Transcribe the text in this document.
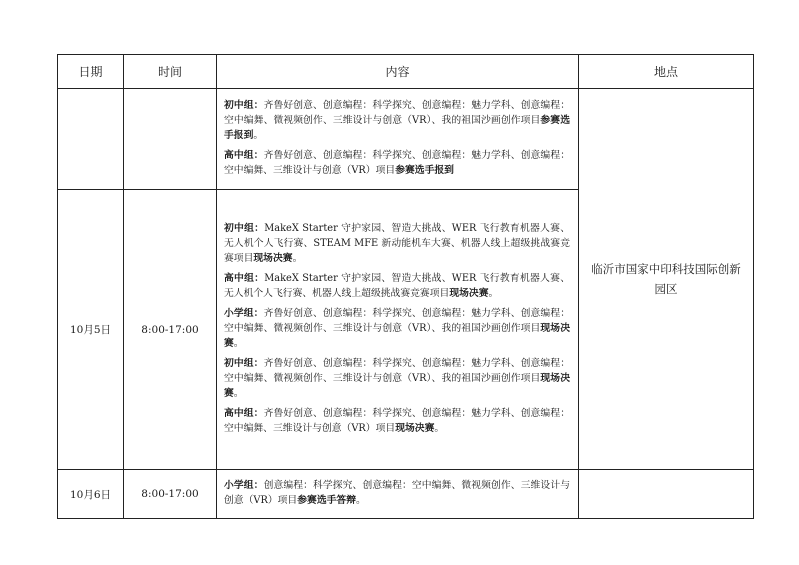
日期	时间	内容	地点

		初中组：齐鲁好创意、创意编程：科学探究、创意编程：魅力学科、创意编程：空中编舞、微视频创作、三维设计与创意（VR）、我的祖国沙画创作项目参赛选手报到。
高中组：齐鲁好创意、创意编程：科学探究、创意编程：魅力学科、创意编程：空中编舞、三维设计与创意（VR）项目参赛选手报到	临沂市国家中印科技国际创新园区
10月5日	8:00-17:00	初中组：MakeX Starter 守护家园、智造大挑战、WER 飞行教育机器人赛、无人机个人飞行赛、STEAM MFE 新动能机车大赛、机器人线上超级挑战赛竞赛项目现场决赛。
高中组：MakeX Starter 守护家园、智造大挑战、WER 飞行教育机器人赛、无人机个人飞行赛、机器人线上超级挑战赛竞赛项目现场决赛。
小学组：齐鲁好创意、创意编程：科学探究、创意编程：魅力学科、创意编程：空中编舞、微视频创作、三维设计与创意（VR）、我的祖国沙画创作项目现场决赛。
初中组：齐鲁好创意、创意编程：科学探究、创意编程：魅力学科、创意编程：空中编舞、微视频创作、三维设计与创意（VR）、我的祖国沙画创作项目现场决赛。
高中组：齐鲁好创意、创意编程：科学探究、创意编程：魅力学科、创意编程：空中编舞、三维设计与创意（VR）项目现场决赛。	

10月6日	8:00-17:00	小学组：创意编程：科学探究、创意编程：空中编舞、微视频创作、三维设计与创意（VR）项目参赛选手答辩。	
